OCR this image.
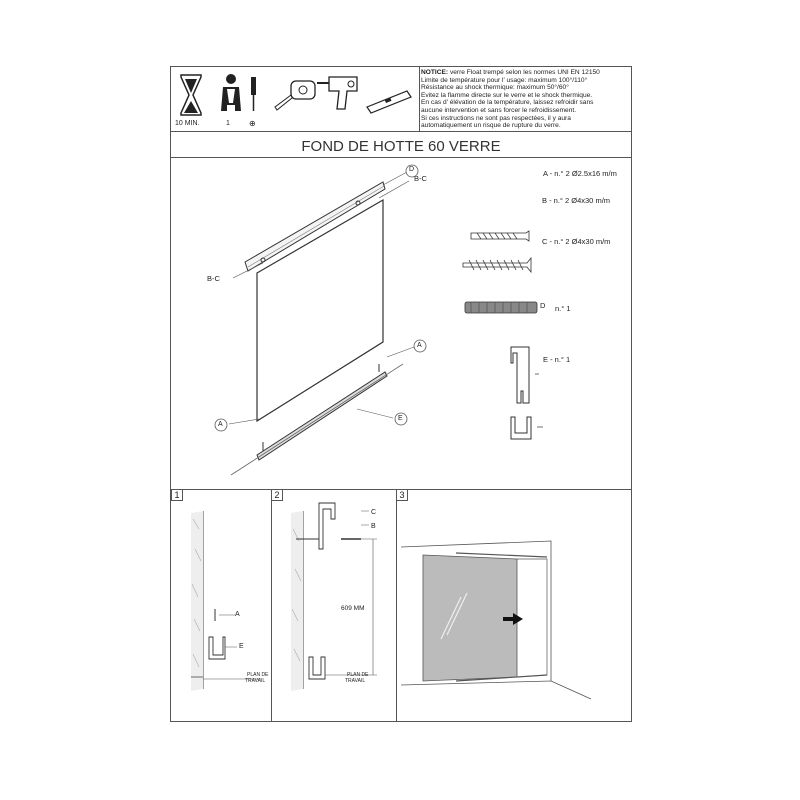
10 MIN.	1 ⊕
NOTICE: verre Float trempé selon les normes UNI EN 12150
Limite de température pour l' usage: maximum 100°/110°
Résistance au shock thermique: maximum 50°/60°
Evitez la flamme directe sur le verre et le shock thermique.
En cas d' élévation de la température, laissez refroidir sans
aucune intervention et sans forcer le refroidissement.
Si ces instructions ne sont pas respectées, il y aura
automatiquement un risque de rupture du verre.
FOND DE HOTTE 60 VERRE
D
B-C
B-C
A
A
E
A - n.° 2 Ø2.5x16 m/m
B - n.° 2 Ø4x30 m/m
C - n.° 2 Ø4x30 m/m
D n.° 1
E - n.° 1
1	2	3
A
E
PLAN DE
TRAVAIL
C
B
609 MM
PLAN DE
TRAVAIL
